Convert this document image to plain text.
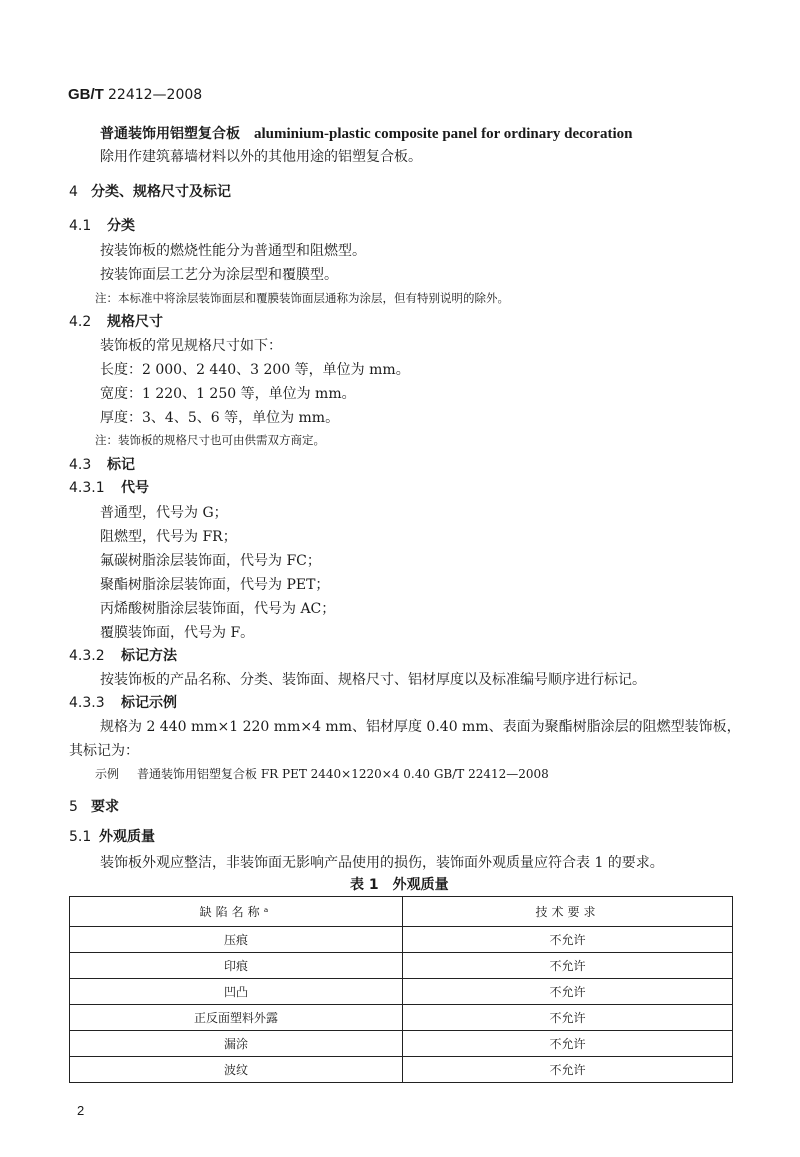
GB/T 22412—2008
普通装饰用铝塑复合板 aluminium-plastic composite panel for ordinary decoration
除用作建筑幕墙材料以外的其他用途的铝塑复合板。
4 分类、规格尺寸及标记
4.1 分类
按装饰板的燃烧性能分为普通型和阻燃型。
按装饰面层工艺分为涂层型和覆膜型。
注：本标准中将涂层装饰面层和覆膜装饰面层通称为涂层，但有特别说明的除外。
4.2 规格尺寸
装饰板的常见规格尺寸如下：
长度：2 000、2 440、3 200 等，单位为 mm。
宽度：1 220、1 250 等，单位为 mm。
厚度：3、4、5、6 等，单位为 mm。
注：装饰板的规格尺寸也可由供需双方商定。
4.3 标记
4.3.1 代号
普通型，代号为 G；
阻燃型，代号为 FR；
氟碳树脂涂层装饰面，代号为 FC；
聚酯树脂涂层装饰面，代号为 PET；
丙烯酸树脂涂层装饰面，代号为 AC；
覆膜装饰面，代号为 F。
4.3.2 标记方法
按装饰板的产品名称、分类、装饰面、规格尺寸、铝材厚度以及标准编号顺序进行标记。
4.3.3 标记示例
规格为 2 440 mm×1 220 mm×4 mm、铝材厚度 0.40 mm、表面为聚酯树脂涂层的阻燃型装饰板，
其标记为：
示例 普通装饰用铝塑复合板 FR PET 2440×1220×4 0.40 GB/T 22412—2008
5 要求
5.1 外观质量
装饰板外观应整洁，非装饰面无影响产品使用的损伤，装饰面外观质量应符合表 1 的要求。
表 1　外观质量
缺陷名称ᵃ	技术要求
压痕	不允许
印痕	不允许
凹凸	不允许
正反面塑料外露	不允许
漏涂	不允许
波纹	不允许
2
